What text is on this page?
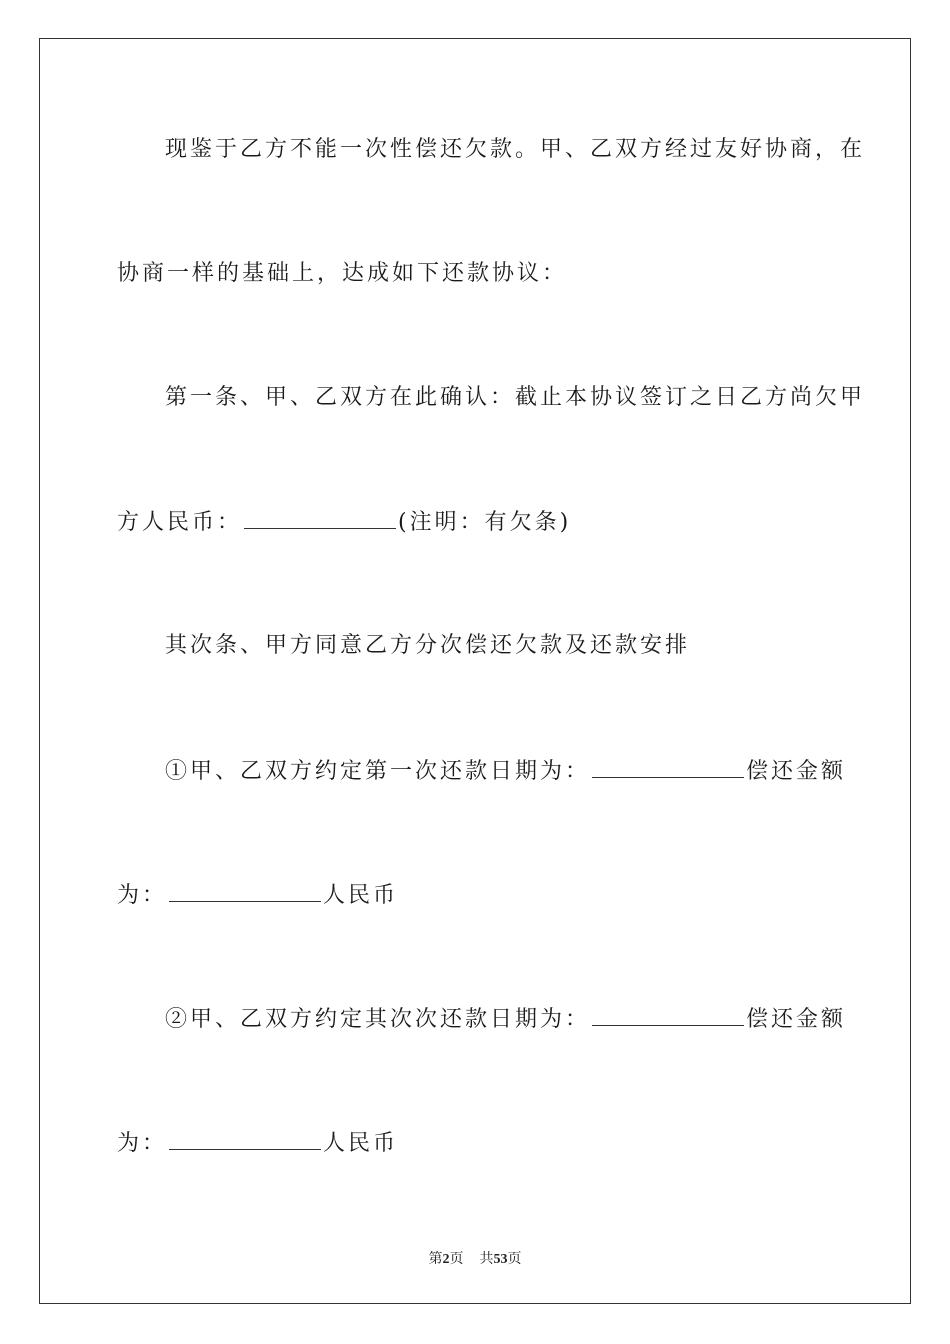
现鉴于乙方不能一次性偿还欠款。甲、乙双方经过友好协商，在
协商一样的基础上，达成如下还款协议：
第一条、甲、乙双方在此确认：截止本协议签订之日乙方尚欠甲
方人民币：	(注明：有欠条)
其次条、甲方同意乙方分次偿还欠款及还款安排
①甲、乙双方约定第一次还款日期为：	偿还金额
为：	人民币
②甲、乙双方约定其次次还款日期为：	偿还金额
为：	人民币
第2页 共53页
